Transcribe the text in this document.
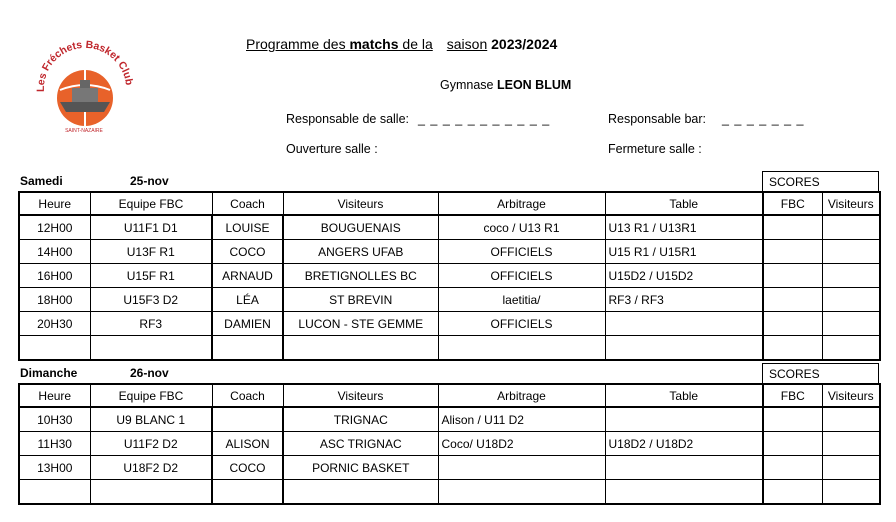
Les Fréchets Basket Club
SAINT-NAZAIRE
Programme des matchs de la saison 2023/2024
Gymnase LEON BLUM
Responsable de salle: _ _ _ _ _ _ _ _ _ _ _	Responsable bar: _ _ _ _ _ _ _
Ouverture salle :	Fermeture salle :
Samedi	25-nov	SCORES
Heure	Equipe FBC	Coach	Visiteurs	Arbitrage	Table	FBC	Visiteurs
12H00	U11F1 D1	LOUISE	BOUGUENAIS	coco / U13 R1	U13 R1 / U13R1		
14H00	U13F R1	COCO	ANGERS UFAB	OFFICIELS	U15 R1 / U15R1		
16H00	U15F R1	ARNAUD	BRETIGNOLLES BC	OFFICIELS	U15D2 / U15D2		
18H00	U15F3 D2	LÉA	ST BREVIN	laetitia/	RF3 / RF3		
20H30	RF3	DAMIEN	LUCON - STE GEMME	OFFICIELS			

Dimanche	26-nov	SCORES
Heure	Equipe FBC	Coach	Visiteurs	Arbitrage	Table	FBC	Visiteurs
10H30	U9 BLANC 1		TRIGNAC	Alison / U11 D2			
11H30	U11F2 D2	ALISON	ASC TRIGNAC	Coco/ U18D2	U18D2 / U18D2		
13H00	U18F2 D2	COCO	PORNIC BASKET				
